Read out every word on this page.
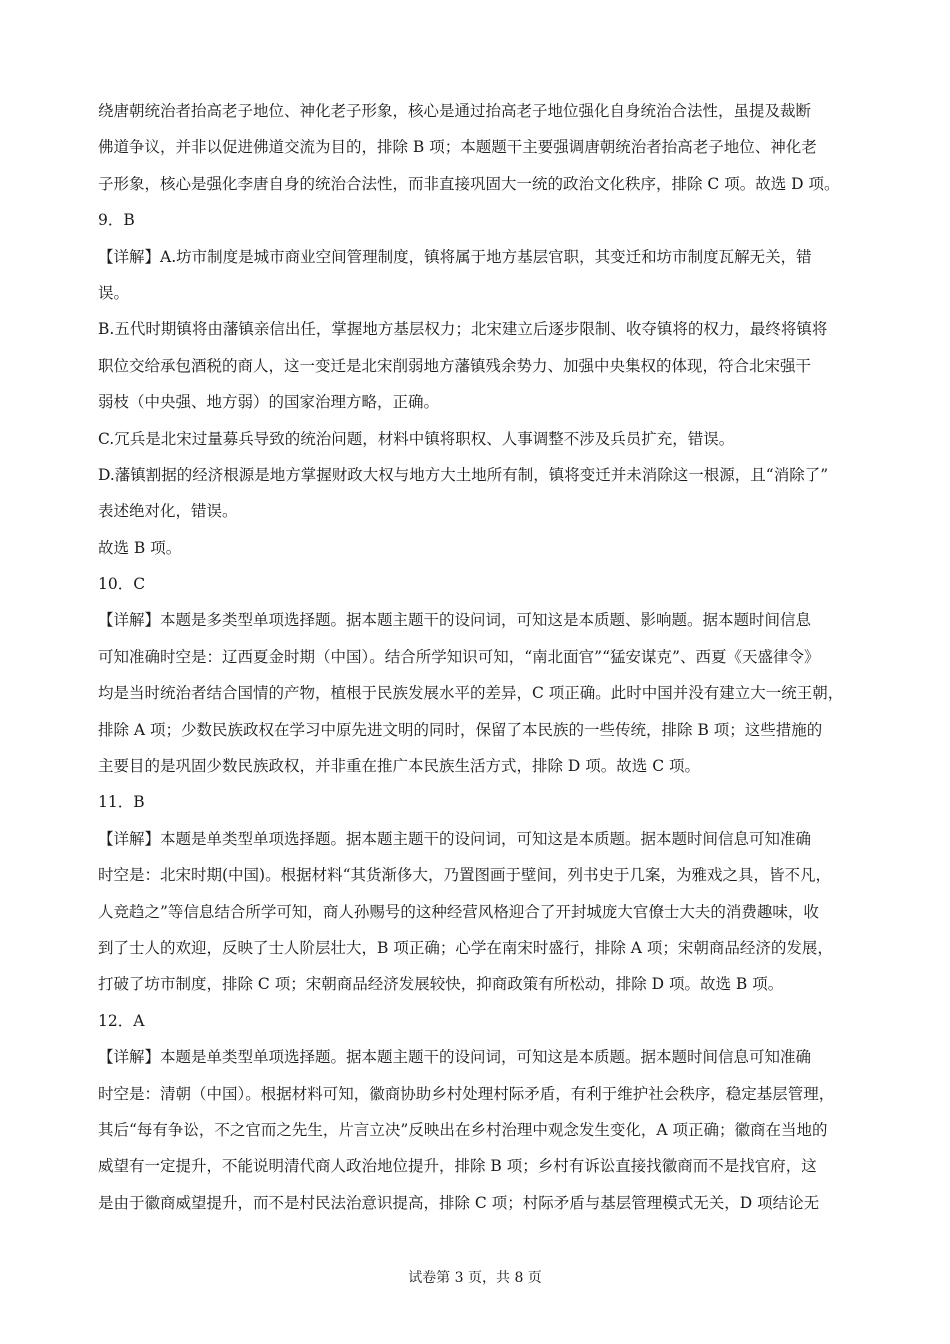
绕唐朝统治者抬高老子地位、神化老子形象，核心是通过抬高老子地位强化自身统治合法性，虽提及裁断
佛道争议，并非以促进佛道交流为目的，排除 B 项；本题题干主要强调唐朝统治者抬高老子地位、神化老
子形象，核心是强化李唐自身的统治合法性，而非直接巩固大一统的政治文化秩序，排除 C 项。故选 D 项。
9．B
【详解】A.坊市制度是城市商业空间管理制度，镇将属于地方基层官职，其变迁和坊市制度瓦解无关，错
误。
B.五代时期镇将由藩镇亲信出任，掌握地方基层权力；北宋建立后逐步限制、收夺镇将的权力，最终将镇将
职位交给承包酒税的商人，这一变迁是北宋削弱地方藩镇残余势力、加强中央集权的体现，符合北宋强干
弱枝（中央强、地方弱）的国家治理方略，正确。
C.冗兵是北宋过量募兵导致的统治问题，材料中镇将职权、人事调整不涉及兵员扩充，错误。
D.藩镇割据的经济根源是地方掌握财政大权与地方大土地所有制，镇将变迁并未消除这一根源，且“消除了”
表述绝对化，错误。
故选 B 项。
10．C
【详解】本题是多类型单项选择题。据本题主题干的设问词，可知这是本质题、影响题。据本题时间信息
可知准确时空是：辽西夏金时期（中国）。结合所学知识可知，“南北面官”“猛安谋克”、西夏《天盛律令》
均是当时统治者结合国情的产物，植根于民族发展水平的差异，C 项正确。此时中国并没有建立大一统王朝，
排除 A 项；少数民族政权在学习中原先进文明的同时，保留了本民族的一些传统，排除 B 项；这些措施的
主要目的是巩固少数民族政权，并非重在推广本民族生活方式，排除 D 项。故选 C 项。
11．B
【详解】本题是单类型单项选择题。据本题主题干的设问词，可知这是本质题。据本题时间信息可知准确
时空是：北宋时期(中国)。根据材料“其货渐侈大，乃置图画于壁间，列书史于几案，为雅戏之具，皆不凡，
人竞趋之”等信息结合所学可知，商人孙赐号的这种经营风格迎合了开封城庞大官僚士大夫的消费趣味，收
到了士人的欢迎，反映了士人阶层壮大，B 项正确；心学在南宋时盛行，排除 A 项；宋朝商品经济的发展，
打破了坊市制度，排除 C 项；宋朝商品经济发展较快，抑商政策有所松动，排除 D 项。故选 B 项。
12．A
【详解】本题是单类型单项选择题。据本题主题干的设问词，可知这是本质题。据本题时间信息可知准确
时空是：清朝（中国）。根据材料可知，徽商协助乡村处理村际矛盾，有利于维护社会秩序，稳定基层管理，
其后“每有争讼，不之官而之先生，片言立决”反映出在乡村治理中观念发生变化，A 项正确；徽商在当地的
威望有一定提升，不能说明清代商人政治地位提升，排除 B 项；乡村有诉讼直接找徽商而不是找官府，这
是由于徽商威望提升，而不是村民法治意识提高，排除 C 项；村际矛盾与基层管理模式无关，D 项结论无
试卷第 3 页，共 8 页
